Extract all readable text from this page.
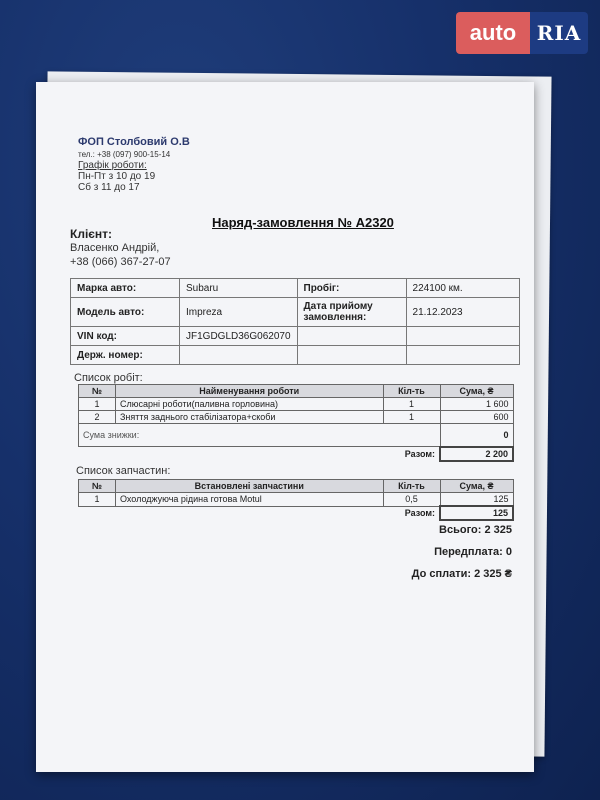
auto	RIA
ФОП Столбовий О.В
тел.: +38 (097) 900-15-14
Графік роботи:
Пн-Пт з 10 до 19
Сб з 11 до 17
Наряд-замовлення № А2320
Клієнт:
Власенко Андрій,
+38 (066) 367-27-07
Марка авто:	Subaru	Пробіг:	224100 км.
Модель авто:	Impreza	Дата прийому замовлення:	21.12.2023
VIN код:	JF1GDGLD36G062070		
Держ. номер:			
Список робіт:
№	Найменування роботи	Кіл-ть	Сума, ₴
1	Слюсарні роботи(паливна горловина)	1	1 600
2	Зняття заднього стабілізатора+скоби	1	600
Сума знижки:			0
Разом:			2 200
Список запчастин:
№	Встановлені запчастини	Кіл-ть	Сума, ₴
1	Охолоджуюча рідина готова Motul	0,5	125
Разом:			125
Всього: 2 325
Передплата: 0
До сплати: 2 325 ₴
